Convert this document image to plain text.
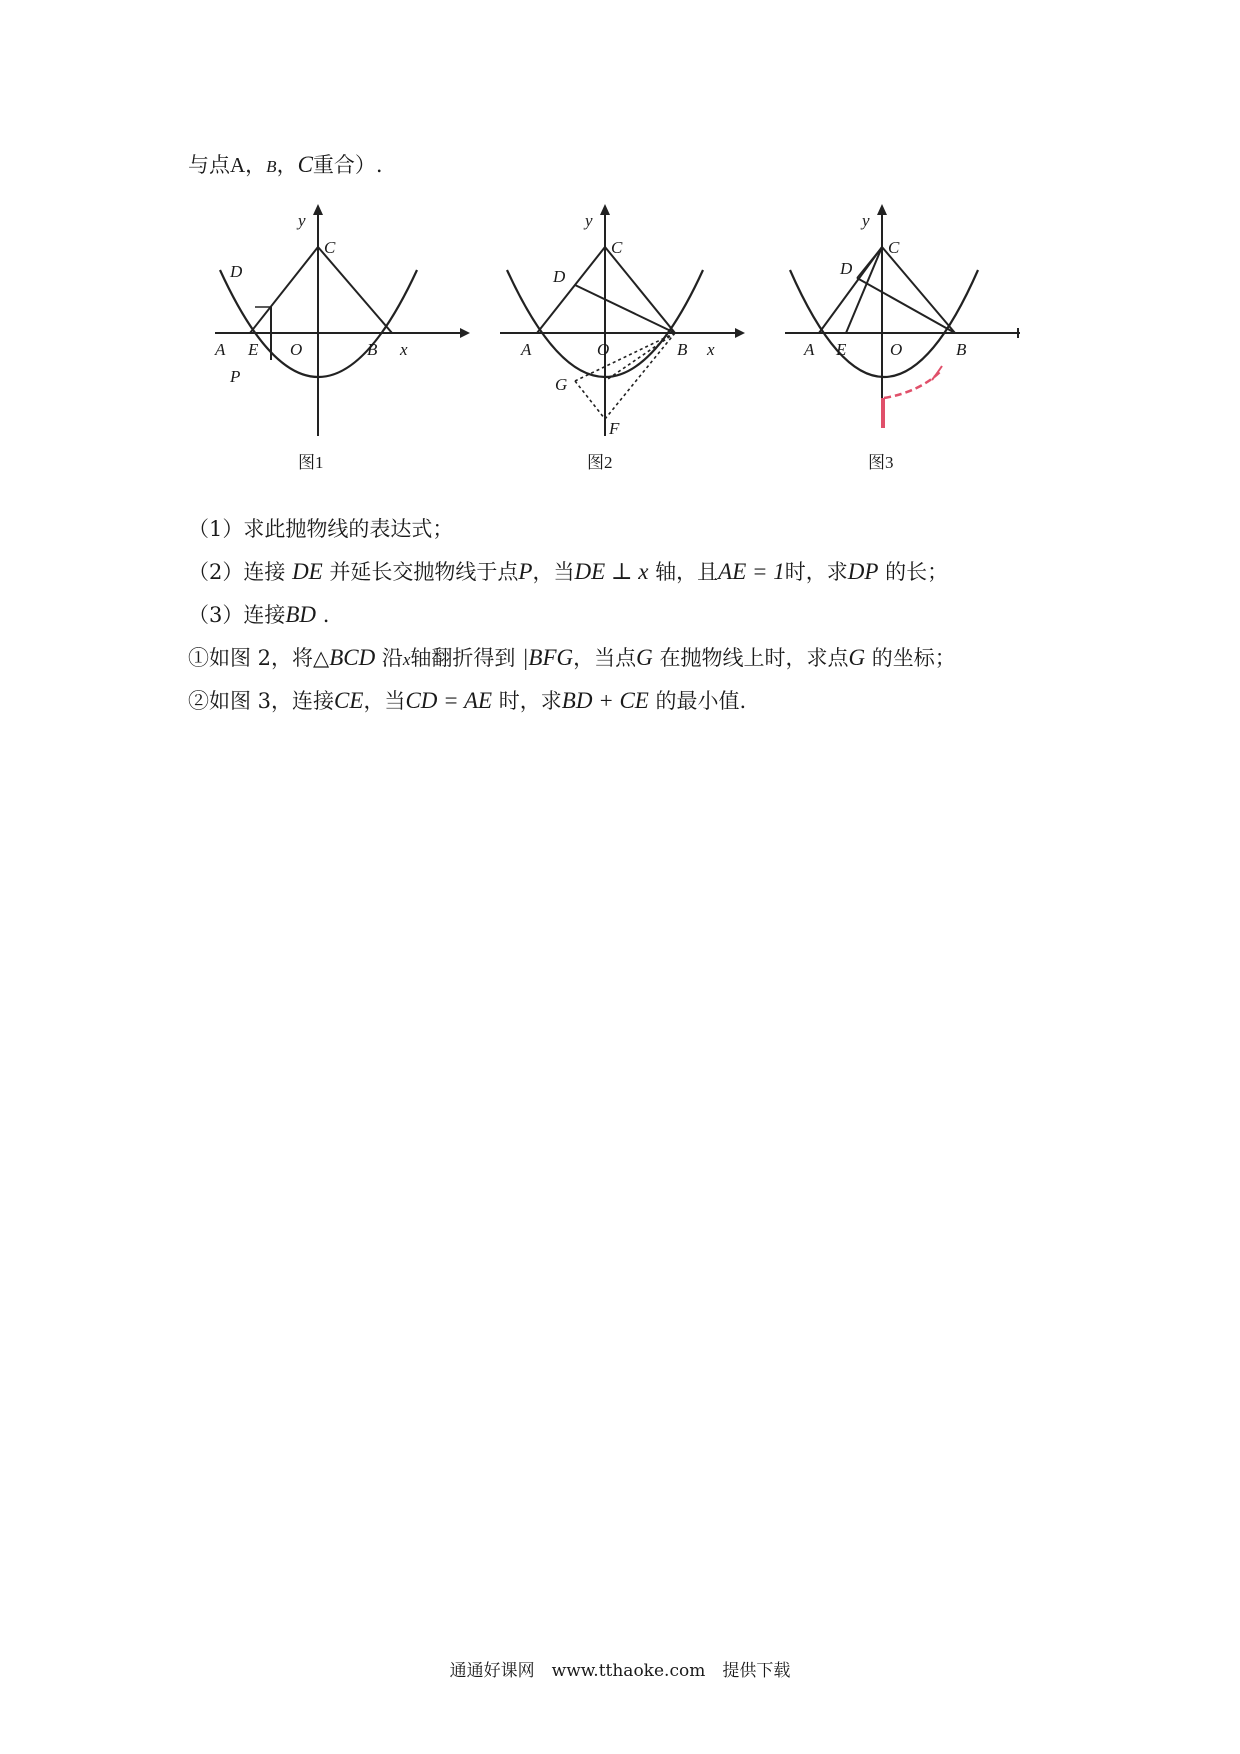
与点A，B，C重合）.
y
C
D
A E O	B x
P
图1
y
C
D
A	O	B x
G
F
图2
y
C
D
A E	O	B
图3
（1）求此抛物线的表达式；
（2）连接 DE 并延长交抛物线于点P，当DE ⊥ x 轴，且AE = 1时，求DP 的长；
（3）连接BD .
①如图 2，将△BCD 沿x轴翻折得到 |BFG，当点G 在抛物线上时，求点G 的坐标；
②如图 3，连接CE，当CD = AE 时，求BD + CE 的最小值.
通通好课网　www.tthaoke.com　提供下载
